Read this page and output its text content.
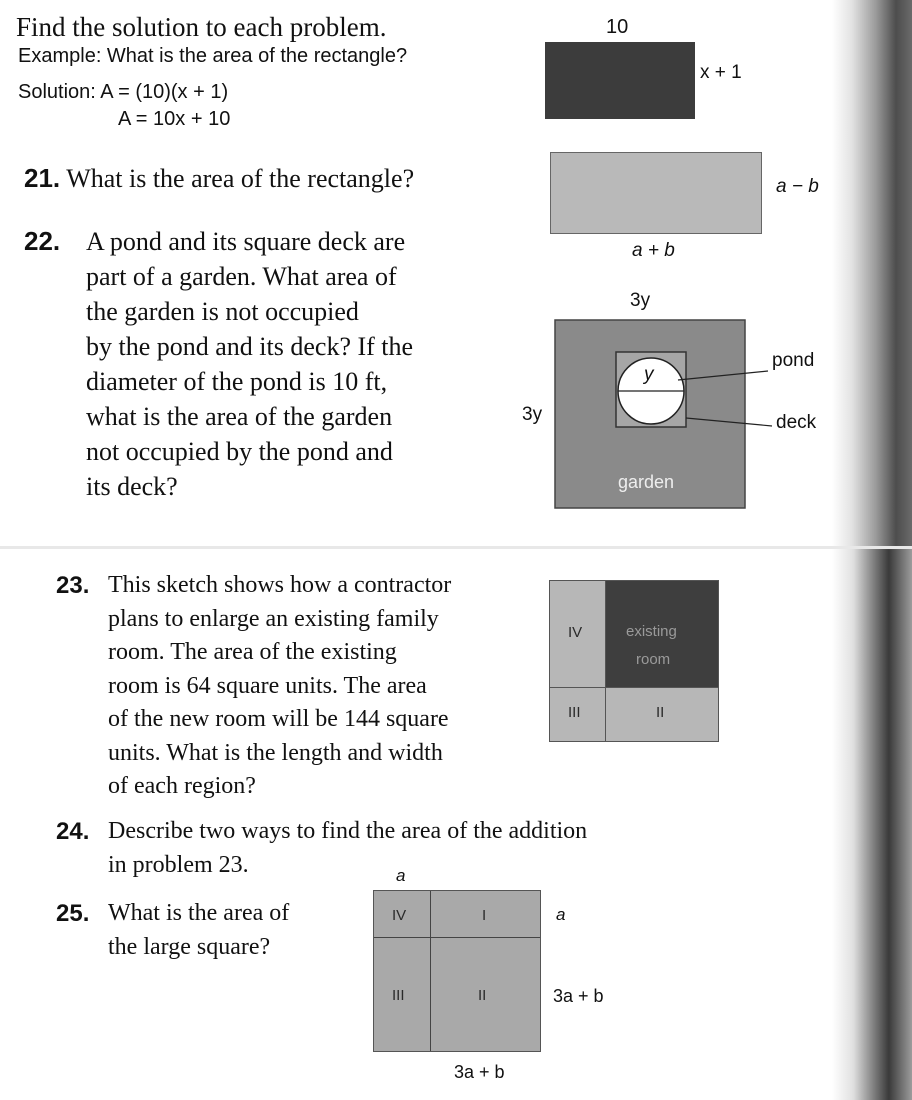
Find the solution to each problem.
Example: What is the area of the rectangle?
Solution: A = (10)(x + 1)
A = 10x + 10
10
x + 1
21. What is the area of the rectangle?	a − b
a + b
22. A pond and its square deck are
part of a garden. What area of
the garden is not occupied
by the pond and its deck? If the
diameter of the pond is 10 ft,
what is the area of the garden
not occupied by the pond and
its deck?
3y
3y
y
pond
deck
garden
23. This sketch shows how a contractor
plans to enlarge an existing family
room. The area of the existing
room is 64 square units. The area
of the new room will be 144 square
units. What is the length and width
of each region?
IV	existing
room
III	II
24. Describe two ways to find the area of the addition
in problem 23.
25. What is the area of
the large square?
a
IV	I
III	II
a
3a + b
3a + b
